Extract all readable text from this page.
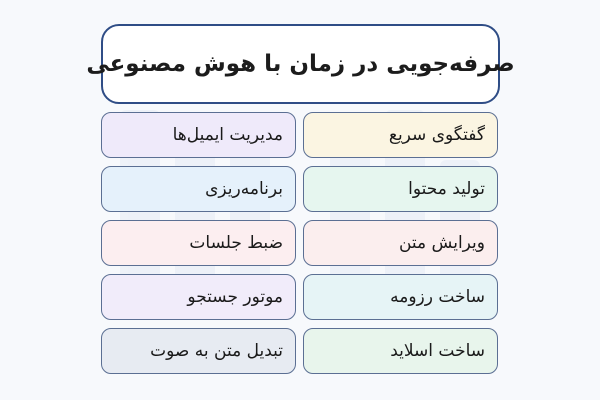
صرفه‌جویی در زمان با هوش مصنوعی
گفتگوی سریع
مدیریت ایمیل‌ها
تولید محتوا
برنامه‌ریزی
ویرایش متن
ضبط جلسات
ساخت رزومه
موتور جستجو
ساخت اسلاید
تبدیل متن به صوت
